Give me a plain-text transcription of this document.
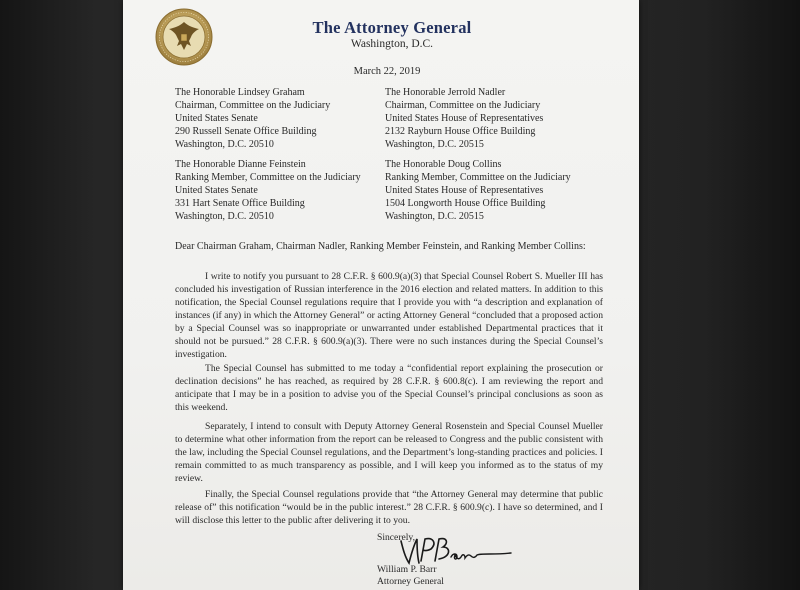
The Attorney General
Washington, D.C.
March 22, 2019
The Honorable Lindsey Graham
Chairman, Committee on the Judiciary
United States Senate
290 Russell Senate Office Building
Washington, D.C. 20510
The Honorable Jerrold Nadler
Chairman, Committee on the Judiciary
United States House of Representatives
2132 Rayburn House Office Building
Washington, D.C. 20515
The Honorable Dianne Feinstein
Ranking Member, Committee on the Judiciary
United States Senate
331 Hart Senate Office Building
Washington, D.C. 20510
The Honorable Doug Collins
Ranking Member, Committee on the Judiciary
United States House of Representatives
1504 Longworth House Office Building
Washington, D.C. 20515
Dear Chairman Graham, Chairman Nadler, Ranking Member Feinstein, and Ranking Member Collins:
I write to notify you pursuant to 28 C.F.R. § 600.9(a)(3) that Special Counsel Robert S. Mueller III has concluded his investigation of Russian interference in the 2016 election and related matters. In addition to this notification, the Special Counsel regulations require that I provide you with “a description and explanation of instances (if any) in which the Attorney General” or acting Attorney General “concluded that a proposed action by a Special Counsel was so inappropriate or unwarranted under established Departmental practices that it should not be pursued.” 28 C.F.R. § 600.9(a)(3). There were no such instances during the Special Counsel’s investigation.
The Special Counsel has submitted to me today a “confidential report explaining the prosecution or declination decisions” he has reached, as required by 28 C.F.R. § 600.8(c). I am reviewing the report and anticipate that I may be in a position to advise you of the Special Counsel’s principal conclusions as soon as this weekend.
Separately, I intend to consult with Deputy Attorney General Rosenstein and Special Counsel Mueller to determine what other information from the report can be released to Congress and the public consistent with the law, including the Special Counsel regulations, and the Department’s long-standing practices and policies. I remain committed to as much transparency as possible, and I will keep you informed as to the status of my review.
Finally, the Special Counsel regulations provide that “the Attorney General may determine that public release of” this notification “would be in the public interest.” 28 C.F.R. § 600.9(c). I have so determined, and I will disclose this letter to the public after delivering it to you.
Sincerely,
William P. Barr
Attorney General
